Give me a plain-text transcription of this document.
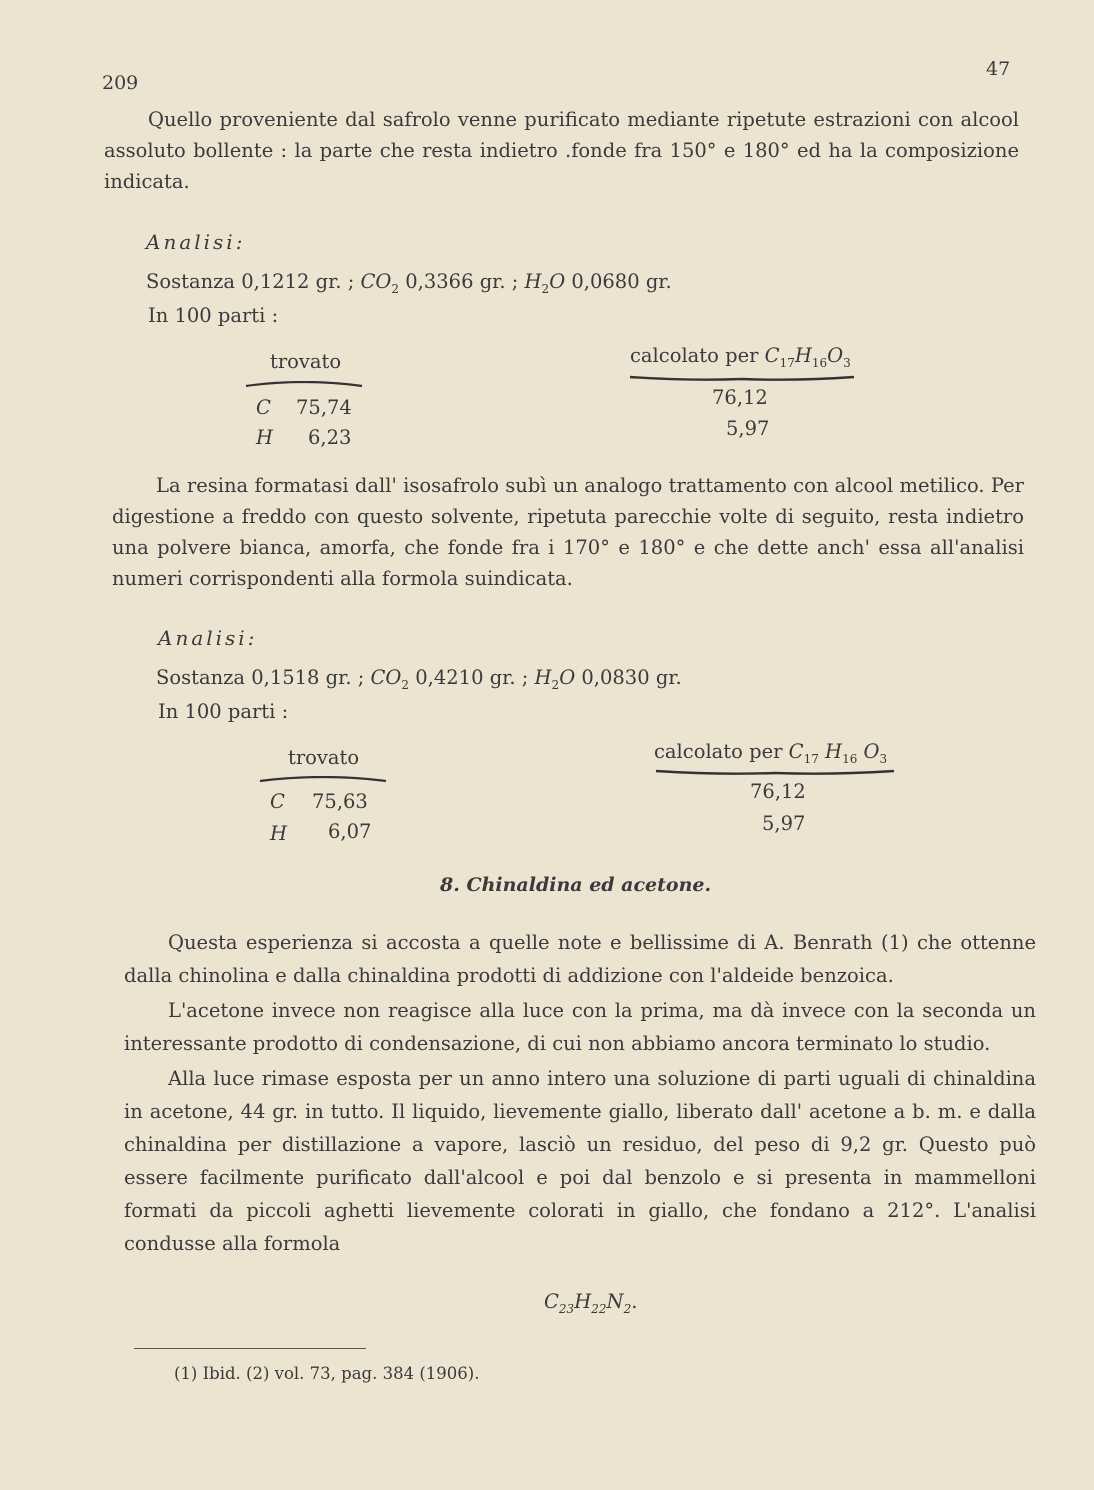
209
47

Quello proveniente dal safrolo venne purificato mediante ripetute estrazioni con alcool assoluto bollente : la parte che resta indietro .fonde fra 150° e 180° ed ha la composizione indicata.

Analisi:
Sostanza 0,1212 gr. ; $CO_2$ 0,3366 gr. ; $H_2O$ 0,0680 gr.
In 100 parti :
trovato	calcolato per $C_{17}H_{16}O_3$
C 75,74	76,12
H 6,23	5,97

La resina formatasi dall' isosafrolo subì un analogo trattamento con alcool metilico. Per digestione a freddo con questo solvente, ripetuta parecchie volte di seguito, resta indietro una polvere bianca, amorfa, che fonde fra i 170° e 180° e che dette anch' essa all'analisi numeri corrispondenti alla formola suindicata.

Analisi:
Sostanza 0,1518 gr. ; $CO_2$ 0,4210 gr. ; $H_2O$ 0,0830 gr.
In 100 parti :
trovato	calcolato per $C_{17}$ $H_{16}$ $O_3$
C 75,63	76,12
H 6,07	5,97
8. Chinaldina ed acetone.

Questa esperienza si accosta a quelle note e bellissime di A. Benrath (1) che ottenne dalla chinolina e dalla chinaldina prodotti di addizione con l'aldeide benzoica.

L'acetone invece non reagisce alla luce con la prima, ma dà invece con la seconda un interessante prodotto di condensazione, di cui non abbiamo ancora terminato lo studio.

Alla luce rimase esposta per un anno intero una soluzione di parti uguali di chinaldina in acetone, 44 gr. in tutto. Il liquido, lievemente giallo, liberato dall' acetone a b. m. e dalla chinaldina per distillazione a vapore, lasciò un residuo, del peso di 9,2 gr. Questo può essere facilmente purificato dall'alcool e poi dal benzolo e si presenta in mammelloni formati da piccoli aghetti lievemente colorati in giallo, che fondano a 212°. L'analisi condusse alla formola

$C_{23}H_{22}N_2$.
(1) Ibid. (2) vol. 73, pag. 384 (1906).
